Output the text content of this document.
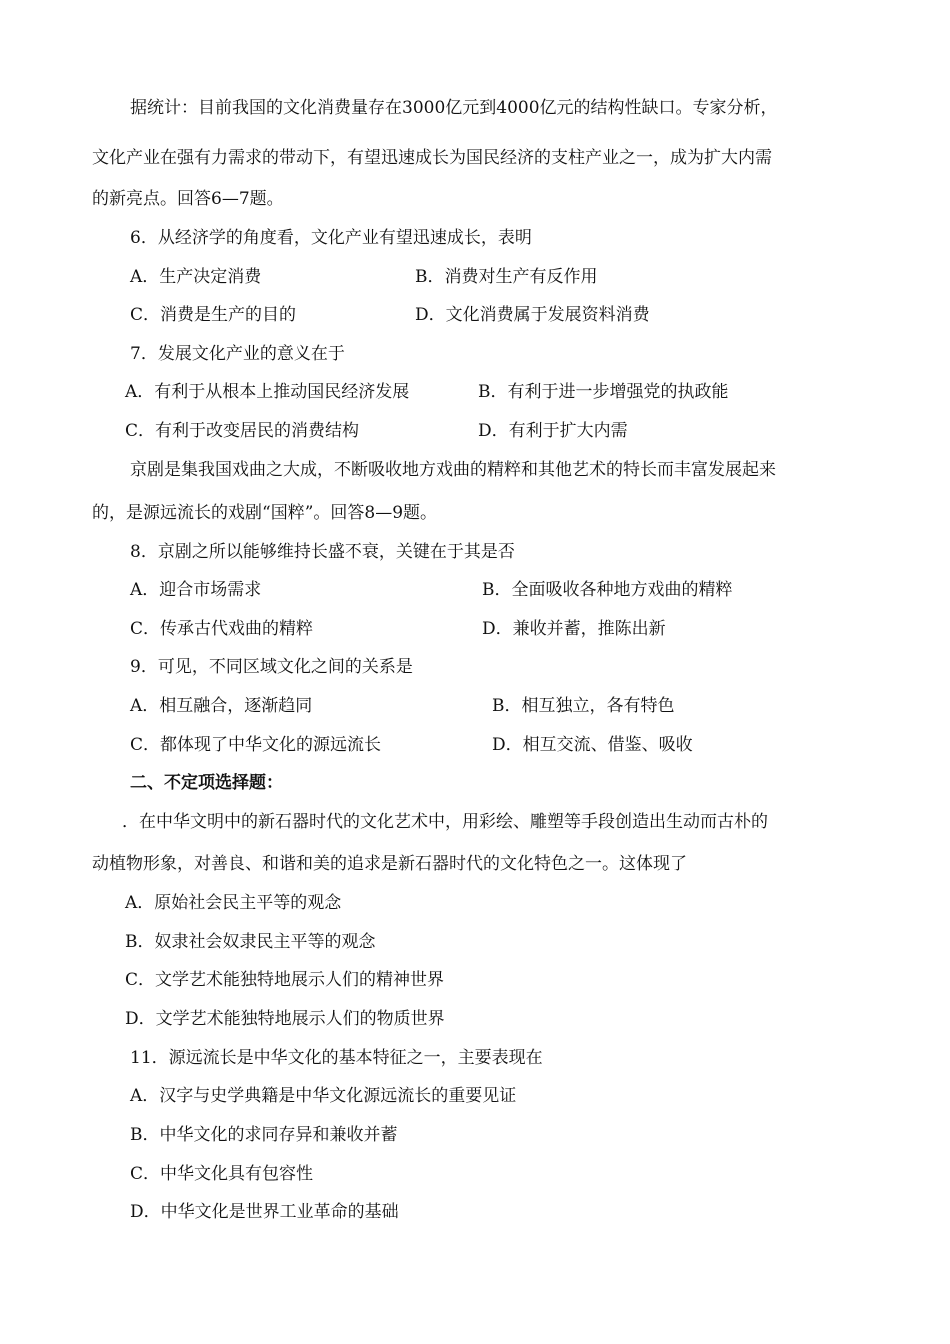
据统计：目前我国的文化消费量存在3000亿元到4000亿元的结构性缺口。专家分析，
文化产业在强有力需求的带动下，有望迅速成长为国民经济的支柱产业之一，成为扩大内需
的新亮点。回答6—7题。
6．从经济学的角度看，文化产业有望迅速成长，表明
A．生产决定消费	B．消费对生产有反作用
C．消费是生产的目的	D．文化消费属于发展资料消费
7．发展文化产业的意义在于
A．有利于从根本上推动国民经济发展	B．有利于进一步增强党的执政能
C．有利于改变居民的消费结构	D．有利于扩大内需
京剧是集我国戏曲之大成，不断吸收地方戏曲的精粹和其他艺术的特长而丰富发展起来
的，是源远流长的戏剧“国粹”。回答8—9题。
8．京剧之所以能够维持长盛不衰，关键在于其是否
A．迎合市场需求	B．全面吸收各种地方戏曲的精粹
C．传承古代戏曲的精粹	D．兼收并蓄，推陈出新
9．可见，不同区域文化之间的关系是
A．相互融合，逐渐趋同	B．相互独立，各有特色
C．都体现了中华文化的源远流长	D．相互交流、借鉴、吸收
二、不定项选择题：
．在中华文明中的新石器时代的文化艺术中，用彩绘、雕塑等手段创造出生动而古朴的
动植物形象，对善良、和谐和美的追求是新石器时代的文化特色之一。这体现了
A．原始社会民主平等的观念
B．奴隶社会奴隶民主平等的观念
C．文学艺术能独特地展示人们的精神世界
D．文学艺术能独特地展示人们的物质世界
11．源远流长是中华文化的基本特征之一，主要表现在
A．汉字与史学典籍是中华文化源远流长的重要见证
B．中华文化的求同存异和兼收并蓄
C．中华文化具有包容性
D．中华文化是世界工业革命的基础
